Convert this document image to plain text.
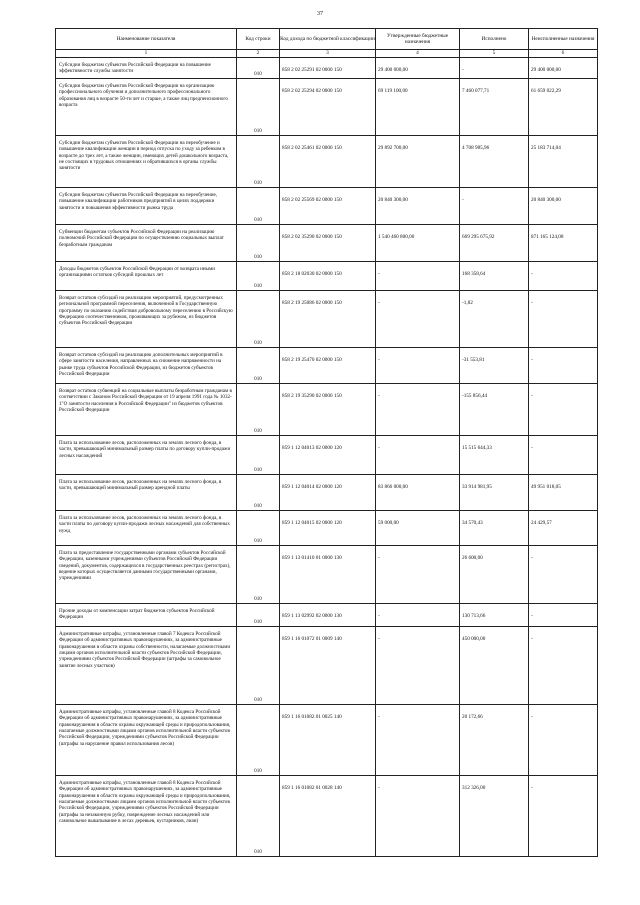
37
Наименование показателя	Код строки	Код дохода по бюджетной классификации	Утвержденные бюджетные назначения	Исполнено	Неисполненные назначения
1	2	3	4	5	6
Субсидии бюджетам субъектов Российской Федерации на повышение эффективности службы занятости	010	858 2 02 25291 02 0000 150	29 400 000,00	-	29 400 000,00
Субсидии бюджетам субъектов Российской Федерации на организацию профессионального обучения и дополнительного профессионального образования лиц в возрасте 50-ти лет и старше, а также лиц предпенсионного возраста	010	858 2 02 25294 02 0000 150	69 119 100,00	7 460 077,71	61 659 022,29
Субсидии бюджетам субъектов Российской Федерации на переобучение и повышение квалификации женщин в период отпуска по уходу за ребенком в возрасте до трех лет, а также женщин, имеющих детей дошкольного возраста, не состоящих в трудовых отношениях и обратившихся в органы службы занятости	010	858 2 02 25461 02 0000 150	29 892 700,00	4 708 985,96	25 183 714,04
Субсидии бюджетам субъектов Российской Федерации на переобучение, повышение квалификации работников предприятий в целях поддержки занятости и повышения эффективности рынка труда	010	858 2 02 25569 02 0000 150	20 840 300,00	-	20 840 300,00
Субвенции бюджетам субъектов Российской Федерации на реализацию полномочий Российской Федерации по осуществлению социальных выплат безработным гражданам	010	858 2 02 35290 02 0000 150	1 540 460 800,00	669 295 675,92	871 165 124,08
Доходы бюджетов субъектов Российской Федерации от возврата иными организациями остатков субсидий прошлых лет	010	858 2 18 02030 02 0000 150	-	168 358,64	-
Возврат остатков субсидий на реализацию мероприятий, предусмотренных региональной программой переселения, включенной в Государственную программу по оказанию содействия добровольному переселению в Российскую Федерацию соотечественников, проживающих за рубежом, из бюджетов субъектов Российской Федерации	010	858 2 19 25086 02 0000 150	-	-1,82	-
Возврат остатков субсидий на реализацию дополнительных мероприятий в сфере занятости населения, направленных на снижение напряженности на рынке труда субъектов Российской Федерации, из бюджетов субъектов Российской Федерации	010	858 2 19 25470 02 0000 150	-	-31 553,81	-
Возврат остатков субвенций на социальные выплаты безработным гражданам в соответствии с Законом Российской Федерации от 19 апреля 1991 года № 1032-1"О занятости населения в Российской Федерации" из бюджетов субъектов Российской Федерации	010	858 2 19 35290 02 0000 150	-	-155 856,44	-
Плата за использование лесов, расположенных на землях лесного фонда, в части, превышающей минимальный размер платы по договору купли-продажи лесных насаждений	010	859 1 12 04013 02 0000 120	-	15 515 644,33	-
Плата за использование лесов, расположенных на землях лесного фонда, в части, превышающей минимальный размер арендной платы	010	859 1 12 04014 02 0000 120	83 866 000,00	33 914 981,95	49 951 018,05
Плата за использование лесов, расположенных на землях лесного фонда, в части платы по договору купли-продажи лесных насаждений для собственных нужд	010	859 1 12 04015 02 0000 120	59 000,00	34 570,43	24 429,57
Плата за предоставление государственными органами субъектов Российской Федерации, казенными учреждениями субъектов Российской Федерации сведений, документов, содержащихся в государственных реестрах (регистрах), ведение которых осуществляется данными государственными органами, учреждениями	010	859 1 13 01410 01 0000 130	-	26 600,00	-
Прочие доходы от компенсации затрат бюджетов субъектов Российской Федерации	010	859 1 13 02992 02 0000 130	-	130 713,66	-
Административные штрафы, установленные главой 7 Кодекса Российской Федерации об административных правонарушениях, за административные правонарушения в области охраны собственности, налагаемые должностными лицами органов исполнительной власти субъектов Российской Федерации, учреждениями субъектов Российской Федерации (штрафы за самовольное занятие лесных участков)	010	859 1 16 01072 01 0009 140	-	450 000,00	-
Административные штрафы, установленные главой 8 Кодекса Российской Федерации об административных правонарушениях, за административные правонарушения в области охраны окружающей среды и природопользования, налагаемые должностными лицами органов исполнительной власти субъектов Российской Федерации, учреждениями субъектов Российской Федерации (штрафы за нарушение правил использования лесов)	010	859 1 16 01082 01 0025 140	-	20 172,66	-
Административные штрафы, установленные главой 8 Кодекса Российской Федерации об административных правонарушениях, за административные правонарушения в области охраны окружающей среды и природопользования, налагаемые должностными лицами органов исполнительной власти субъектов Российской Федерации, учреждениями субъектов Российской Федерации (штрафы за незаконную рубку, повреждение лесных насаждений или самовольное выкапывание в лесах деревьев, кустарников, лиан)	010	859 1 16 01082 01 0028 140	-	312 326,00	-
